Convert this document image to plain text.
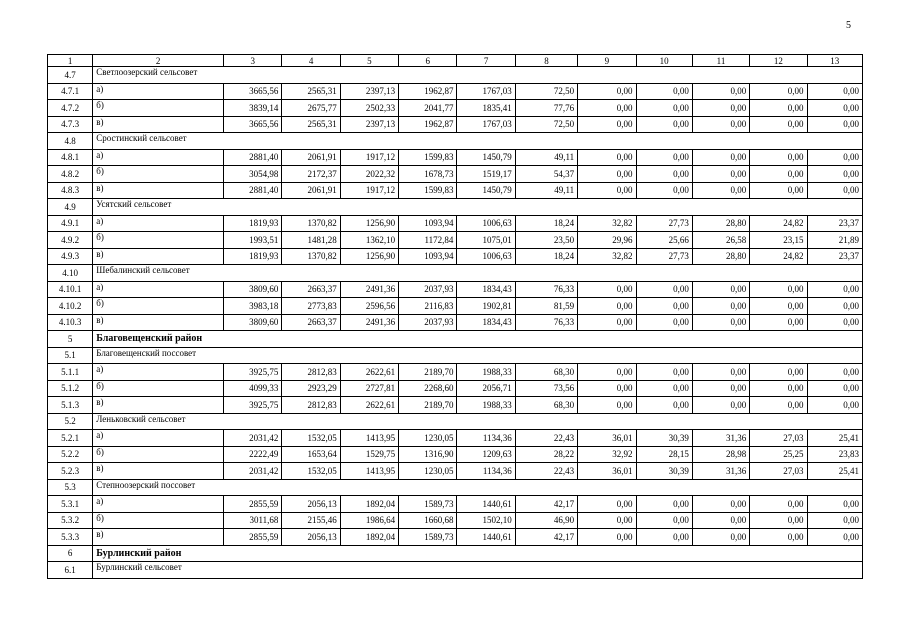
5
1	2	3	4	5	6	7	8	9	10	11	12	13
4.7	Светлоозерский сельсовет											
4.7.1	а)	3665,56	2565,31	2397,13	1962,87	1767,03	72,50	0,00	0,00	0,00	0,00	0,00
4.7.2	б)	3839,14	2675,77	2502,33	2041,77	1835,41	77,76	0,00	0,00	0,00	0,00	0,00
4.7.3	в)	3665,56	2565,31	2397,13	1962,87	1767,03	72,50	0,00	0,00	0,00	0,00	0,00
4.8	Сростинский сельсовет											
4.8.1	а)	2881,40	2061,91	1917,12	1599,83	1450,79	49,11	0,00	0,00	0,00	0,00	0,00
4.8.2	б)	3054,98	2172,37	2022,32	1678,73	1519,17	54,37	0,00	0,00	0,00	0,00	0,00
4.8.3	в)	2881,40	2061,91	1917,12	1599,83	1450,79	49,11	0,00	0,00	0,00	0,00	0,00
4.9	Усятский сельсовет											
4.9.1	а)	1819,93	1370,82	1256,90	1093,94	1006,63	18,24	32,82	27,73	28,80	24,82	23,37
4.9.2	б)	1993,51	1481,28	1362,10	1172,84	1075,01	23,50	29,96	25,66	26,58	23,15	21,89
4.9.3	в)	1819,93	1370,82	1256,90	1093,94	1006,63	18,24	32,82	27,73	28,80	24,82	23,37
4.10	Шебалинский сельсовет											
4.10.1	а)	3809,60	2663,37	2491,36	2037,93	1834,43	76,33	0,00	0,00	0,00	0,00	0,00
4.10.2	б)	3983,18	2773,83	2596,56	2116,83	1902,81	81,59	0,00	0,00	0,00	0,00	0,00
4.10.3	в)	3809,60	2663,37	2491,36	2037,93	1834,43	76,33	0,00	0,00	0,00	0,00	0,00
5	Благовещенский район											
5.1	Благовещенский поссовет											
5.1.1	а)	3925,75	2812,83	2622,61	2189,70	1988,33	68,30	0,00	0,00	0,00	0,00	0,00
5.1.2	б)	4099,33	2923,29	2727,81	2268,60	2056,71	73,56	0,00	0,00	0,00	0,00	0,00
5.1.3	в)	3925,75	2812,83	2622,61	2189,70	1988,33	68,30	0,00	0,00	0,00	0,00	0,00
5.2	Леньковский сельсовет											
5.2.1	а)	2031,42	1532,05	1413,95	1230,05	1134,36	22,43	36,01	30,39	31,36	27,03	25,41
5.2.2	б)	2222,49	1653,64	1529,75	1316,90	1209,63	28,22	32,92	28,15	28,98	25,25	23,83
5.2.3	в)	2031,42	1532,05	1413,95	1230,05	1134,36	22,43	36,01	30,39	31,36	27,03	25,41
5.3	Степноозерский поссовет											
5.3.1	а)	2855,59	2056,13	1892,04	1589,73	1440,61	42,17	0,00	0,00	0,00	0,00	0,00
5.3.2	б)	3011,68	2155,46	1986,64	1660,68	1502,10	46,90	0,00	0,00	0,00	0,00	0,00
5.3.3	в)	2855,59	2056,13	1892,04	1589,73	1440,61	42,17	0,00	0,00	0,00	0,00	0,00
6	Бурлинский район											
6.1	Бурлинский сельсовет											
